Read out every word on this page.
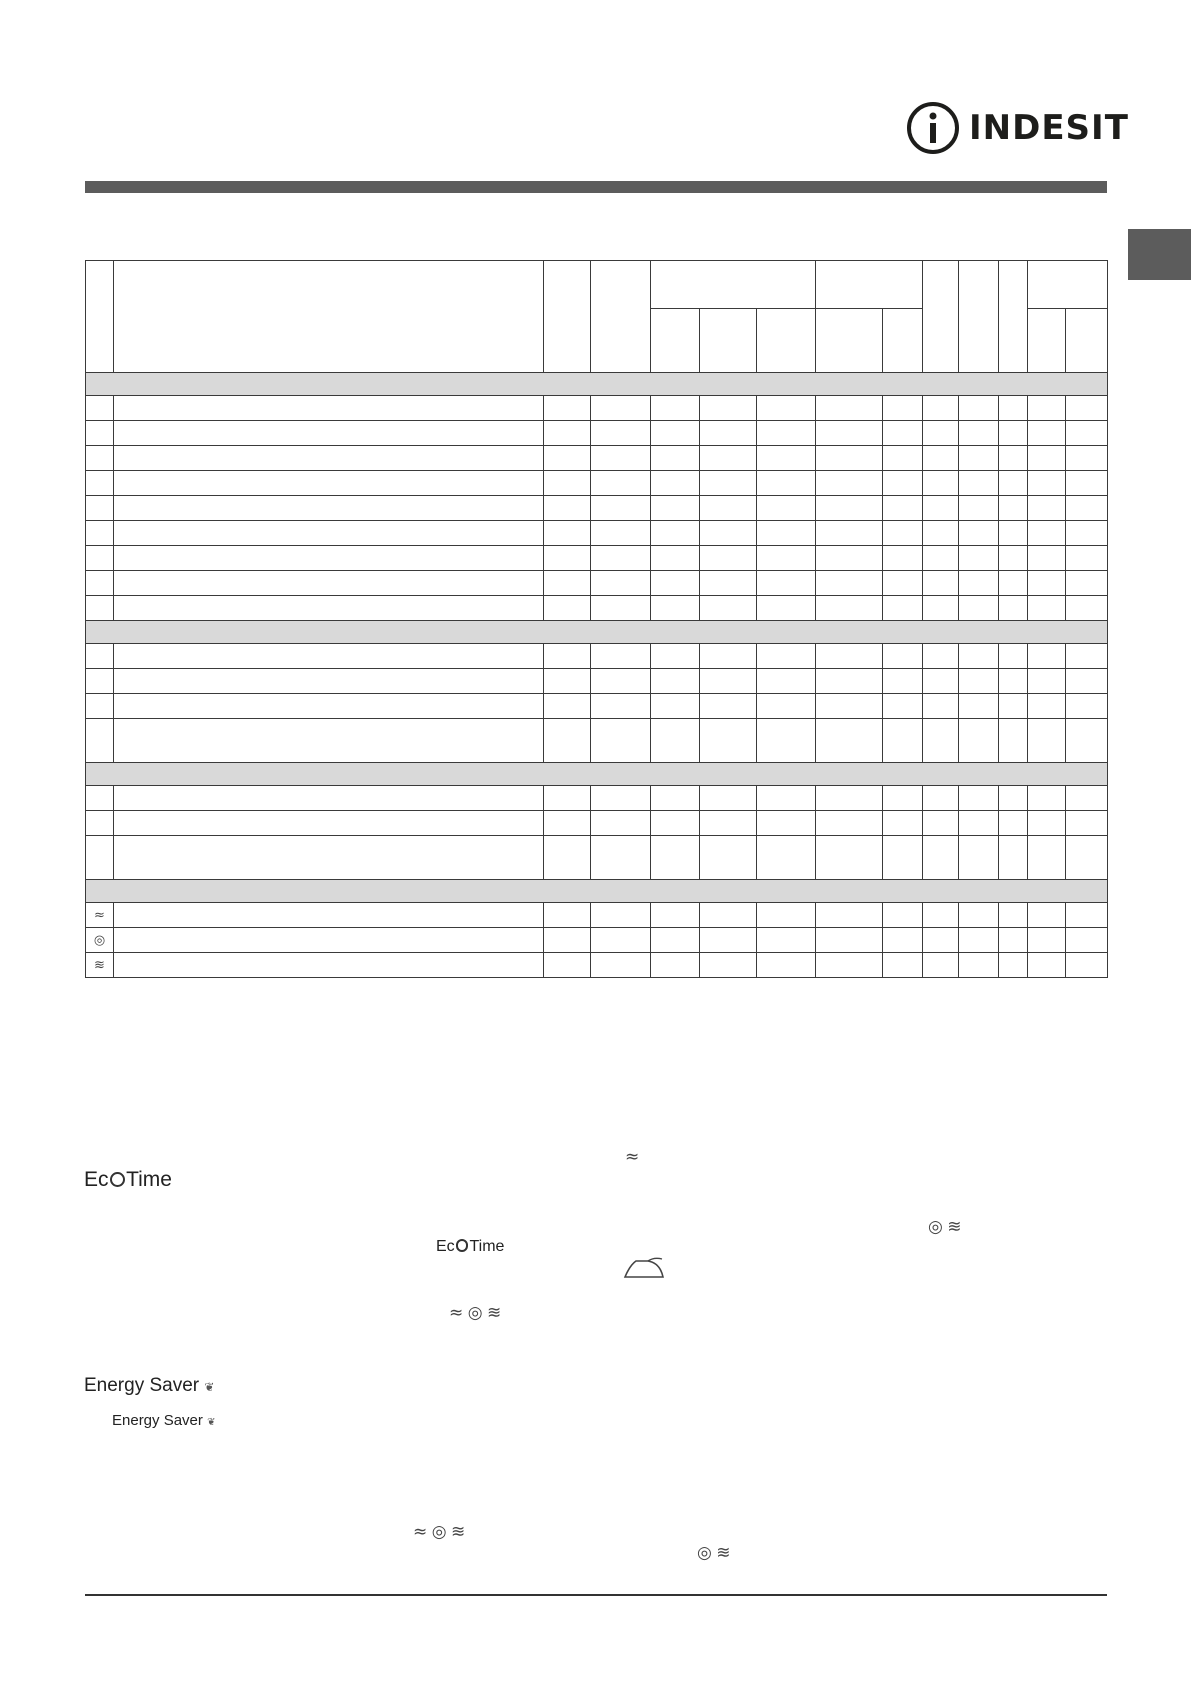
INDESIT

≈													
◎													
≋													
≈
Ec Time
◎ ≋
Ec Time
≈ ◎ ≋
Energy Saver ❦
Energy Saver ❦
≈ ◎ ≋
◎ ≋
